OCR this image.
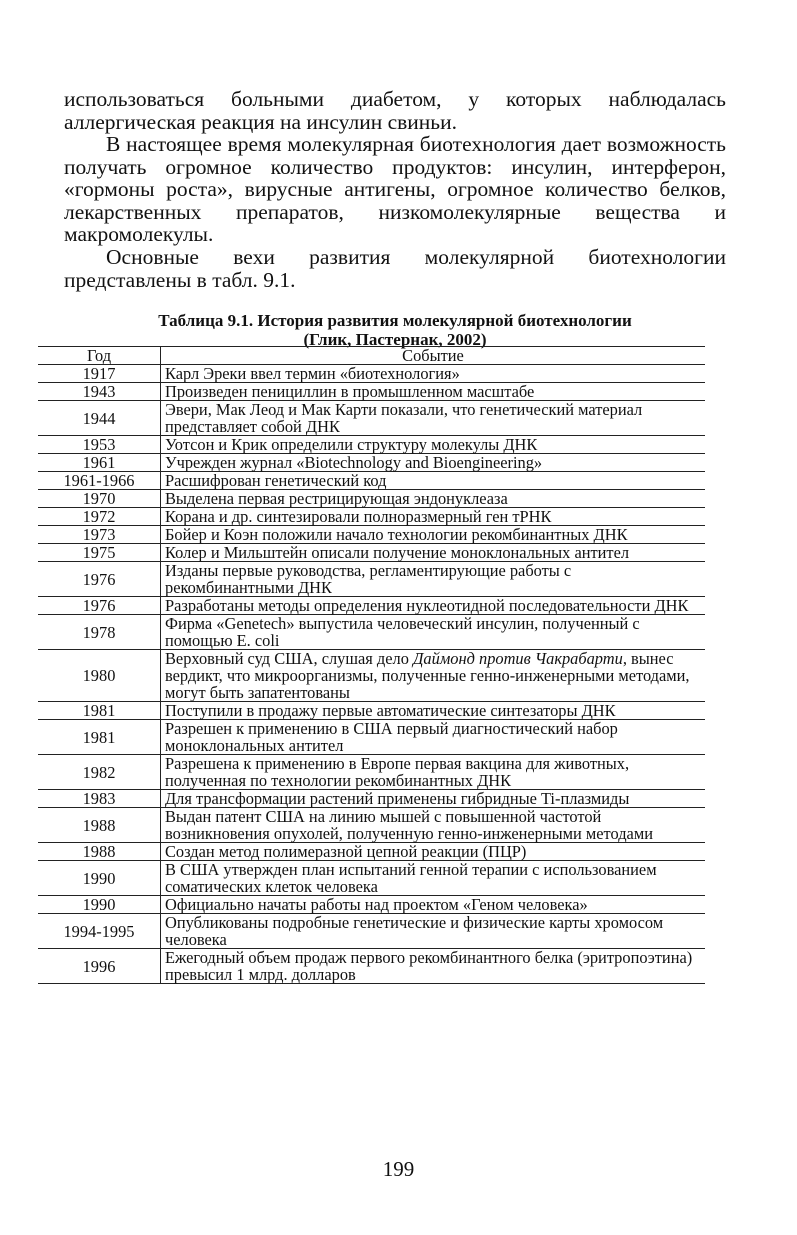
использоваться больными диабетом, у которых наблюдалась аллергическая реакция на инсулин свиньи.

В настоящее время молекулярная биотехнология дает возможность получать огромное количество продуктов: инсулин, интерферон, «гормоны роста», вирусные антигены, огромное количество белков, лекарственных препаратов, низкомолекулярные вещества и макромолекулы.

Основные вехи развития молекулярной биотехнологии представлены в табл. 9.1.

Таблица 9.1. История развития молекулярной биотехнологии
(Глик, Пастернак, 2002)
Год	Событие
1917	Карл Эреки ввел термин «биотехнология»
1943	Произведен пенициллин в промышленном масштабе
1944	Эвери, Мак Леод и Мак Карти показали, что генетический материал представляет собой ДНК
1953	Уотсон и Крик определили структуру молекулы ДНК
1961	Учрежден журнал «Biotechnology and Bioengineering»
1961-1966	Расшифрован генетический код
1970	Выделена первая рестрицирующая эндонуклеаза
1972	Корана и др. синтезировали полноразмерный ген тРНК
1973	Бойер и Коэн положили начало технологии рекомбинантных ДНК
1975	Колер и Мильштейн описали получение моноклональных антител
1976	Изданы первые руководства, регламентирующие работы с рекомбинантными ДНК
1976	Разработаны методы определения нуклеотидной последовательности ДНК
1978	Фирма «Genetech» выпустила человеческий инсулин, полученный с помощью E. coli
1980	Верховный суд США, слушая дело Даймонд против Чакрабарти, вынес вердикт, что микроорганизмы, полученные генно-инженерными методами, могут быть запатентованы
1981	Поступили в продажу первые автоматические синтезаторы ДНК
1981	Разрешен к применению в США первый диагностический набор моноклональных антител
1982	Разрешена к применению в Европе первая вакцина для животных, полученная по технологии рекомбинантных ДНК
1983	Для трансформации растений применены гибридные Ti-плазмиды
1988	Выдан патент США на линию мышей с повышенной частотой возникновения опухолей, полученную генно-инженерными методами
1988	Создан метод полимеразной цепной реакции (ПЦР)
1990	В США утвержден план испытаний генной терапии с использованием соматических клеток человека
1990	Официально начаты работы над проектом «Геном человека»
1994-1995	Опубликованы подробные генетические и физические карты хромосом человека
1996	Ежегодный объем продаж первого рекомбинантного белка (эритропоэтина) превысил 1 млрд. долларов
199
